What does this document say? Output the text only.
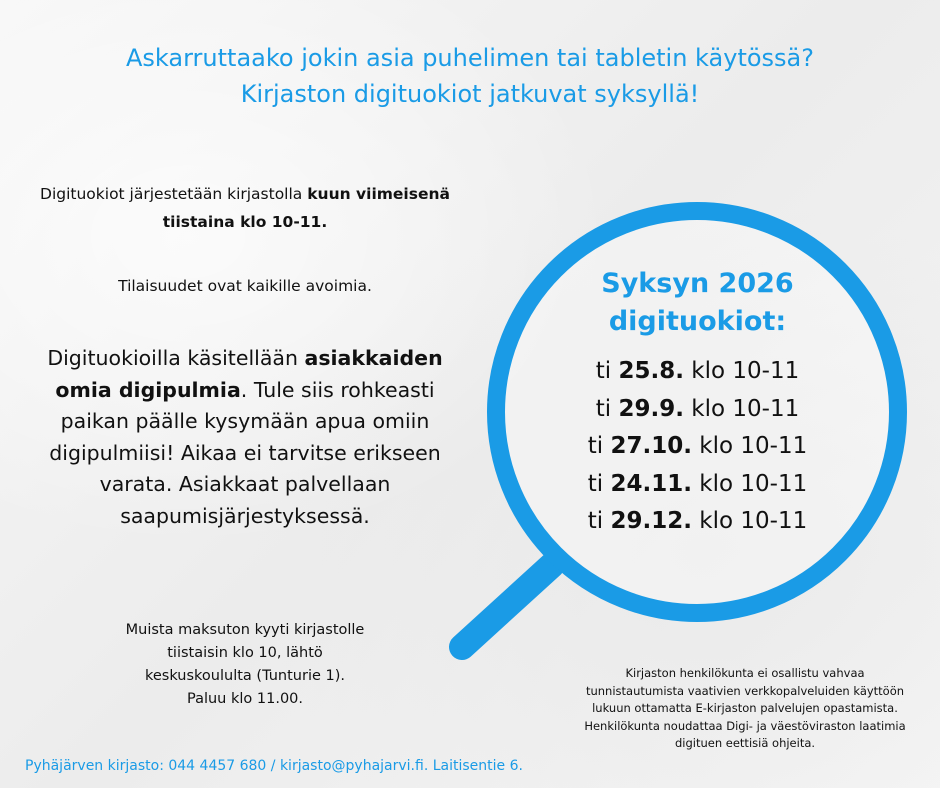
Askarruttaako jokin asia puhelimen tai tabletin käytössä?
Kirjaston digituokiot jatkuvat syksyllä!
Digituokiot järjestetään kirjastolla kuun viimeisenä tiistaina klo 10-11.
Tilaisuudet ovat kaikille avoimia.
Digituokioilla käsitellään asiakkaiden omia digipulmia. Tule siis rohkeasti paikan päälle kysymään apua omiin digipulmiisi! Aikaa ei tarvitse erikseen varata. Asiakkaat palvellaan saapumisjärjestyksessä.
Muista maksuton kyyti kirjastolle
tiistaisin klo 10, lähtö
keskuskoululta (Tunturie 1).
Paluu klo 11.00.
Syksyn 2026
digituokiot:
ti 25.8. klo 10-11
ti 29.9. klo 10-11
ti 27.10. klo 10-11
ti 24.11. klo 10-11
ti 29.12. klo 10-11
Kirjaston henkilökunta ei osallistu vahvaa tunnistautumista vaativien verkkopalveluiden käyttöön lukuun ottamatta E-kirjaston palvelujen opastamista. Henkilökunta noudattaa Digi- ja väestöviraston laatimia digituen eettisiä ohjeita.
Pyhäjärven kirjasto: 044 4457 680 / kirjasto@pyhajarvi.fi. Laitisentie 6.
